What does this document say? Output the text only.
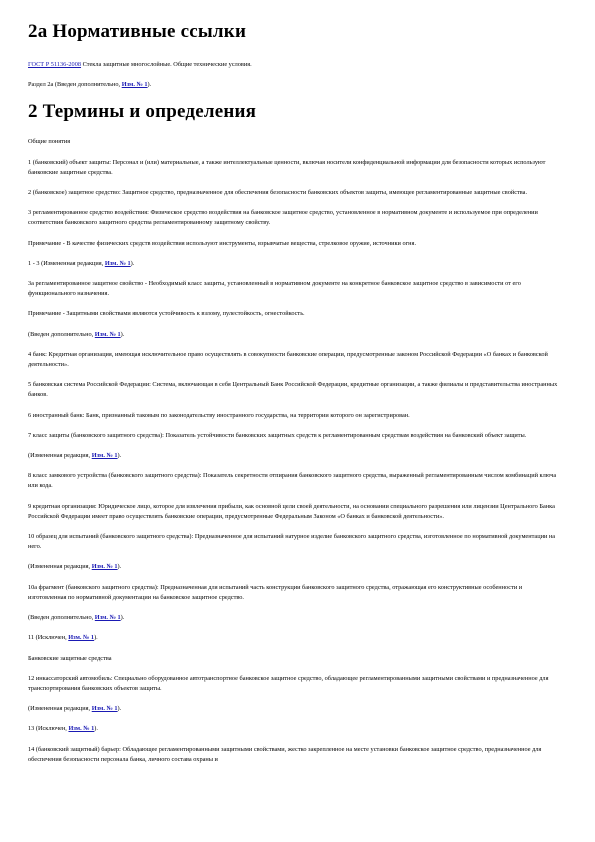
2а Нормативные ссылки

ГОСТ Р 51136-2008 Стекла защитные многослойные. Общие технические условия.

Раздел 2а (Введен дополнительно, Изм. № 1).

2 Термины и определения

Общие понятия

1 (банковский) объект защиты: Персонал и (или) материальные, а также интеллектуальные ценности, включая носители конфиденциальной информации для безопасности которых используют банковские защитные средства.

2 (банковское) защитное средство: Защитное средство, предназначенное для обеспечения безопасности банковских объектов защиты, имеющее регламентированные защитные свойства.

3 регламентированное средство воздействия: Физическое средство воздействия на банковское защитное средство, установленное в нормативном документе и используемое при определении соответствия банковского защитного средства регламентированному защитному свойству.

Примечание - В качестве физических средств воздействия используют инструменты, взрывчатые вещества, стрелковое оружие, источники огня.

1 - 3 (Измененная редакция, Изм. № 1).

3а регламентированное защитное свойство - Необходимый класс защиты, установленный в нормативном документе на конкретное банковское защитное средство в зависимости от его функционального назначения.

Примечание - Защитными свойствами являются устойчивость к взлому, пулестойкость, огнестойкость.

(Введен дополнительно, Изм. № 1).

4 банк: Кредитная организация, имеющая исключительное право осуществлять в совокупности банковские операции, предусмотренные законом Российской Федерации «О банках и банковской деятельности».

5 банковская система Российской Федерации: Система, включающая в себя Центральный Банк Российской Федерации, кредитные организации, а также филиалы и представительства иностранных банков.

6 иностранный банк: Банк, признанный таковым по законодательству иностранного государства, на территории которого он зарегистрирован.

7 класс защиты (банковского защитного средства): Показатель устойчивости банковских защитных средств к регламентированным средствам воздействия на банковский объект защиты.

(Измененная редакция, Изм. № 1).

8 класс замкового устройства (банковского защитного средства): Показатель секретности отпирания банковского защитного средства, выраженный регламентированным числом комбинаций ключа или кода.

9 кредитная организация: Юридическое лицо, которое для извлечения прибыли, как основной цели своей деятельности, на основании специального разрешения или лицензии Центрального Банка Российской Федерации имеет право осуществлять банковские операции, предусмотренные Федеральным Законом «О банках и банковской деятельности».

10 образец для испытаний (банковского защитного средства): Предназначенное для испытаний натурное изделие банковского защитного средства, изготовленное по нормативной документации на него.

(Измененная редакция, Изм. № 1).

10а фрагмент (банковского защитного средства): Предназначенная для испытаний часть конструкции банковского защитного средства, отражающая его конструктивные особенности и изготовленная по нормативной документации на банковское защитное средство.

(Введен дополнительно, Изм. № 1).

11 (Исключен, Изм. № 1).

Банковские защитные средства

12 инкассаторский автомобиль: Специально оборудованное автотранспортное банковское защитное средство, обладающее регламентированными защитными свойствами и предназначенное для транспортирования банковских объектов защиты.

(Измененная редакция, Изм. № 1).

13 (Исключен, Изм. № 1).

14 (банковский защитный) барьер: Обладающее регламентированными защитными свойствами, жестко закрепленное на месте установки банковское защитное средство, предназначенное для обеспечения безопасности персонала банка, личного состава охраны и
